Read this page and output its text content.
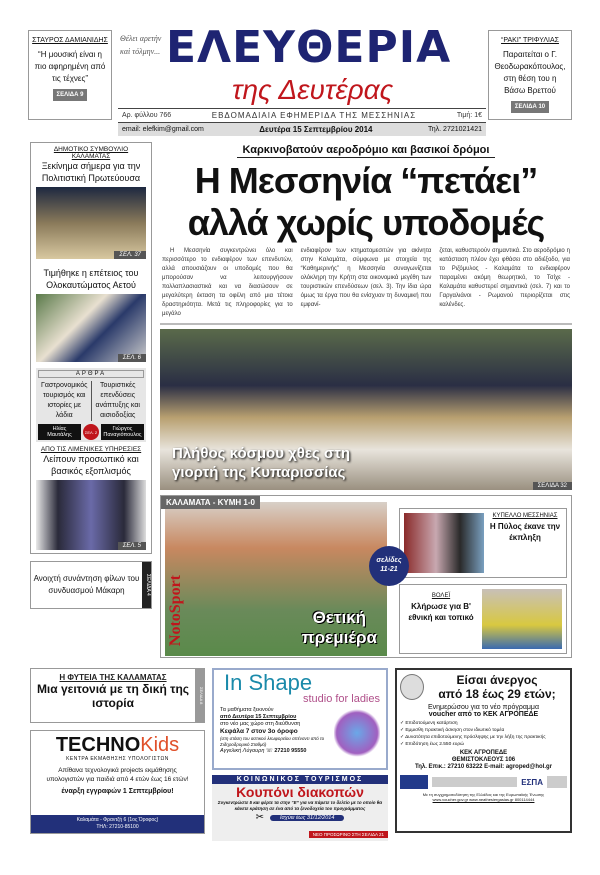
ΣΤΑΥΡΟΣ ΔΑΜΙΑΝΙΔΗΣ
“Η μουσική είναι η πιο αφηρημένη από τις τέχνες”
ΣΕΛΙΔΑ 9
Θέλει αρετὴν καὶ τόλμην... ΕΛΕΥΘΕΡΙΑ
της Δευτέρας
Αρ. φύλλου 766	ΕΒΔΟΜΑΔΙΑΙΑ ΕΦΗΜΕΡΙΔΑ ΤΗΣ ΜΕΣΣΗΝΙΑΣ	Τιμή: 1€
email: elefkim@gmail.com	Δευτέρα 15 Σεπτεμβρίου 2014	Τηλ. 2721021421
“ΡΑΚΙ” ΤΡΙΦΥΛΙΑΣ
Παραιτείται ο Γ. Θεοδωρακόπουλος, στη θέση του η Βάσω Βρεττού
ΣΕΛΙΔΑ 10
ΔΗΜΟΤΙΚΟ ΣΥΜΒΟΥΛΙΟ ΚΑΛΑΜΑΤΑΣ
Ξεκίνημα σήμερα για την Πολιτιστική Πρωτεύουσα
ΣΕΛ. 37
Τιμήθηκε η επέτειος του Ολοκαυτώματος Αετού
ΣΕΛ. 6
ΑΡΘΡΑ
Γαστρονομικός τουρισμός και ιστορίες με λάδια
Τουριστικές επενδύσεις ανάπτυξης και αισιοδοξίας
Ηλίας Μαυτάλης	ΣΕΛ. 2	Γιώργος Παναγιόπουλος
ΑΠΟ ΤΙΣ ΛΙΜΕΝΙΚΕΣ ΥΠΗΡΕΣΙΕΣ
Λείπουν προσωπικό και βασικός εξοπλισμός
ΣΕΛ. 5
Ανοιχτή συνάντηση φίλων του συνδυασμού Μάκαρη	ΣΕΛΙΔΑ 4
Καρκινοβατούν αεροδρόμιο και βασικοί δρόμοι
Η Μεσσηνία “πετάει”
αλλά χωρίς υποδομές

Η Μεσσηνία συγκεντρώνει όλο και περισσότερο το ενδιαφέρον των επενδυτών, αλλά απουσιάζουν οι υποδομές που θα μπορούσαν να λειτουργήσουν πολλαπλασιαστικά και να διασώσουν σε μεγαλύτερη έκταση τα οφέλη από μια τέτοια δραστηριότητα. Μετά τις πληροφορίες για το μεγάλο

ενδιαφέρον των κτηματομεσιτών για ακίνητα στην Καλαμάτα, σύμφωνα με στοιχεία της “Καθημερινής” η Μεσσηνία συναγωνίζεται ολόκληρη την Κρήτη στα οικονομικά μεγέθη των τουριστικών επενδύσεων (σελ. 3). Την ίδια ώρα όμως τα έργα που θα ενίσχυαν τη δυναμική που εμφανί-

ζεται, καθυστερούν σημαντικά. Στο αεροδρόμιο η κατάσταση πλέον έχει φθάσει στο αδιέξοδο, για το Ριζόμυλος - Καλαμάτα το ενδιαφέρον παραμένει ακόμη θεωρητικό, το Τσίχε - Καλαμάτα καθυστερεί σημαντικά (σελ. 7) και το Γαργαλιάνοι - Ρωμανού περιορίζεται στις καλένδες.

Πλήθος κόσμου χθες στη
γιορτή της Κυπαρισσίας
ΣΕΛΙΔΑ 32
ΚΑΛΑΜΑΤΑ - ΚΥΜΗ 1-0
NotoSport	Θετική
πρεμιέρα
σελίδες
11-21
ΚΥΠΕΛΛΟ ΜΕΣΣΗΝΙΑΣ
Η Πύλος έκανε την έκπληξη
ΒΟΛΕΪ
Κλήρωσε για Β' εθνική και τοπικό
Η ΦΥΤΕΙΑ ΤΗΣ ΚΑΛΑΜΑΤΑΣ
Μια γειτονιά με τη δική της ιστορία	ΣΕΛΙΔΑ 8
TECHNOKids
ΚΕΝΤΡΑ ΕΚΜΑΘΗΣΗΣ ΥΠΟΛΟΓΙΣΤΩΝ
Απίθανα τεχνολογικά projects εκμάθησης υπολογιστών για παιδιά από 4 ετών έως 16 ετών!
έναρξη εγγραφών 1 Σεπτεμβρίου!
Καλαμάτα - Φραντζή 6 (1ος Όροφος)
ΤΗΛ: 27210-85100
In Shape
studio for ladies
Τα μαθήματα ξεκινούν
από Δευτέρα 15 Σεπτεμβρίου
στο νέο μας χώρο στη διεύθυνση
Κεφάλα 7 στον 3ο όροφο
(στη στάση του αστικού λεωφορείου απέναντι από το Σιδηροδρομικό Σταθμό)
Αγγελική Λύγουρη ☏ 27210 95550
ΚΟΙΝΩΝΙΚΟΣ ΤΟΥΡΙΣΜΟΣ
Κουπόνι διακοπών
Συγκεντρώστε 5 και φέρτε τα στην “Ε” για να πάρετε το δελτίο με το οποίο θα κάνετε κράτηση σε ένα από τα ξενοδοχεία του προγράμματος
✂	Ισχύει έως 31/12/2014
ΝΕΟ ΠΡΟΣΩΡΙΝΟ ΣΤΗ ΣΕΛΙΔΑ 21
Είσαι άνεργος
από 18 έως 29 ετών;
Ενημερώσου για το νέο πρόγραμμα
voucher από το ΚΕΚ ΑΓΡΟΠΕΔΕ
✓ Επιδοτούμενη κατάρτιση
✓ Εμμισθη πρακτική άσκηση στον ιδιωτικό τομέα
✓ Δυνατότητα επιδοτούμενης πρόσληψης με την λήξη της πρακτικής
✓ Επιδότηση έως 2.550 ευρώ
ΚΕΚ ΑΓΡΟΠΕΔΕ
ΘΕΜΙΣΤΟΚΛΕΟΥΣ 106
Τηλ. Επικ.: 27210 63222 E-mail: agroped@hol.gr
ΕΣΠΑ
Με τη συγχρηματοδότηση της Ελλάδας και της Ευρωπαϊκής Ένωσης
www.voucher.gov.gr www.neathesiergasias.gr 800114444
